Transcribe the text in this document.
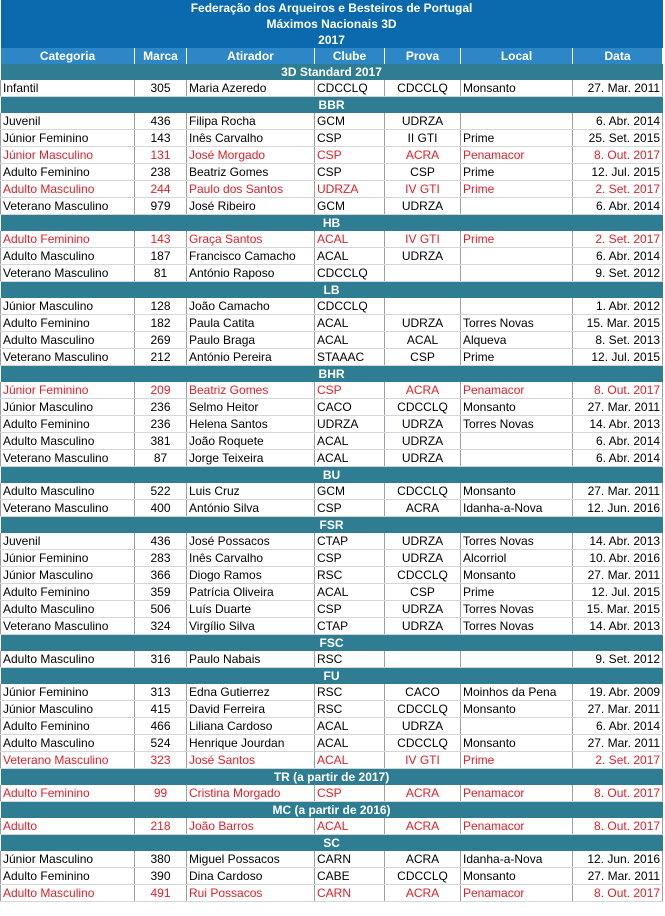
Federação dos Arqueiros e Besteiros de Portugal						
Máximos Nacionais 3D						
2017						
Categoria	Marca	Atirador	Clube	Prova	Local	Data
3D Standard 2017						
Infantil	305	Maria Azeredo	CDCCLQ	CDCCLQ	Monsanto	27. Mar. 2011
BBR						
Juvenil	436	Filipa Rocha	GCM	UDRZA		6. Abr. 2014
Júnior Feminino	143	Inês Carvalho	CSP	II GTI	Prime	25. Set. 2015
Júnior Masculino	131	José Morgado	CSP	ACRA	Penamacor	8. Out. 2017
Adulto Feminino	238	Beatriz Gomes	CSP	CSP	Prime	12. Jul. 2015
Adulto Masculino	244	Paulo dos Santos	UDRZA	IV GTI	Prime	2. Set. 2017
Veterano Masculino	979	José Ribeiro	GCM	UDRZA		6. Abr. 2014
HB						
Adulto Feminino	143	Graça Santos	ACAL	IV GTI	Prime	2. Set. 2017
Adulto Masculino	187	Francisco Camacho	ACAL	UDRZA		6. Abr. 2014
Veterano Masculino	81	António Raposo	CDCCLQ			9. Set. 2012
LB						
Júnior Masculino	128	João Camacho	CDCCLQ			1. Abr. 2012
Adulto Feminino	182	Paula Catita	ACAL	UDRZA	Torres Novas	15. Mar. 2015
Adulto Masculino	269	Paulo Braga	ACAL	ACAL	Alqueva	8. Set. 2013
Veterano Masculino	212	António Pereira	STAAAC	CSP	Prime	12. Jul. 2015
BHR						
Júnior Feminino	209	Beatriz Gomes	CSP	ACRA	Penamacor	8. Out. 2017
Júnior Masculino	236	Selmo Heitor	CACO	CDCCLQ	Monsanto	27. Mar. 2011
Adulto Feminino	236	Helena Santos	UDRZA	UDRZA	Torres Novas	14. Abr. 2013
Adulto Masculino	381	João Roquete	ACAL	UDRZA		6. Abr. 2014
Veterano Masculino	87	Jorge Teixeira	ACAL	UDRZA		6. Abr. 2014
BU						
Adulto Masculino	522	Luis Cruz	GCM	CDCCLQ	Monsanto	27. Mar. 2011
Veterano Masculino	400	António Silva	CSP	ACRA	Idanha-a-Nova	12. Jun. 2016
FSR						
Juvenil	436	José Possacos	CTAP	UDRZA	Torres Novas	14. Abr. 2013
Júnior Feminino	283	Inês Carvalho	CSP	UDRZA	Alcorriol	10. Abr. 2016
Júnior Masculino	366	Diogo Ramos	RSC	CDCCLQ	Monsanto	27. Mar. 2011
Adulto Feminino	359	Patrícia Oliveira	ACAL	CSP	Prime	12. Jul. 2015
Adulto Masculino	506	Luís Duarte	CSP	UDRZA	Torres Novas	15. Mar. 2015
Veterano Masculino	324	Virgílio Silva	CTAP	UDRZA	Torres Novas	14. Abr. 2013
FSC						
Adulto Masculino	316	Paulo Nabais	RSC			9. Set. 2012
FU						
Júnior Feminino	313	Edna Gutierrez	RSC	CACO	Moinhos da Pena	19. Abr. 2009
Júnior Masculino	415	David Ferreira	RSC	CDCCLQ	Monsanto	27. Mar. 2011
Adulto Feminino	466	Liliana Cardoso	ACAL	UDRZA		6. Abr. 2014
Adulto Masculino	524	Henrique Jourdan	ACAL	CDCCLQ	Monsanto	27. Mar. 2011
Veterano Masculino	323	José Santos	ACAL	IV GTI	Prime	2. Set. 2017
TR (a partir de 2017)						
Adulto Feminino	99	Cristina Morgado	CSP	ACRA	Penamacor	8. Out. 2017
MC (a partir de 2016)						
Adulto	218	João Barros	ACAL	ACRA	Penamacor	8. Out. 2017
SC						
Júnior Masculino	380	Miguel Possacos	CARN	ACRA	Idanha-a-Nova	12. Jun. 2016
Adulto Feminino	390	Dina Cardoso	CABE	CDCCLQ	Monsanto	27. Mar. 2011
Adulto Masculino	491	Rui Possacos	CARN	ACRA	Penamacor	8. Out. 2017
